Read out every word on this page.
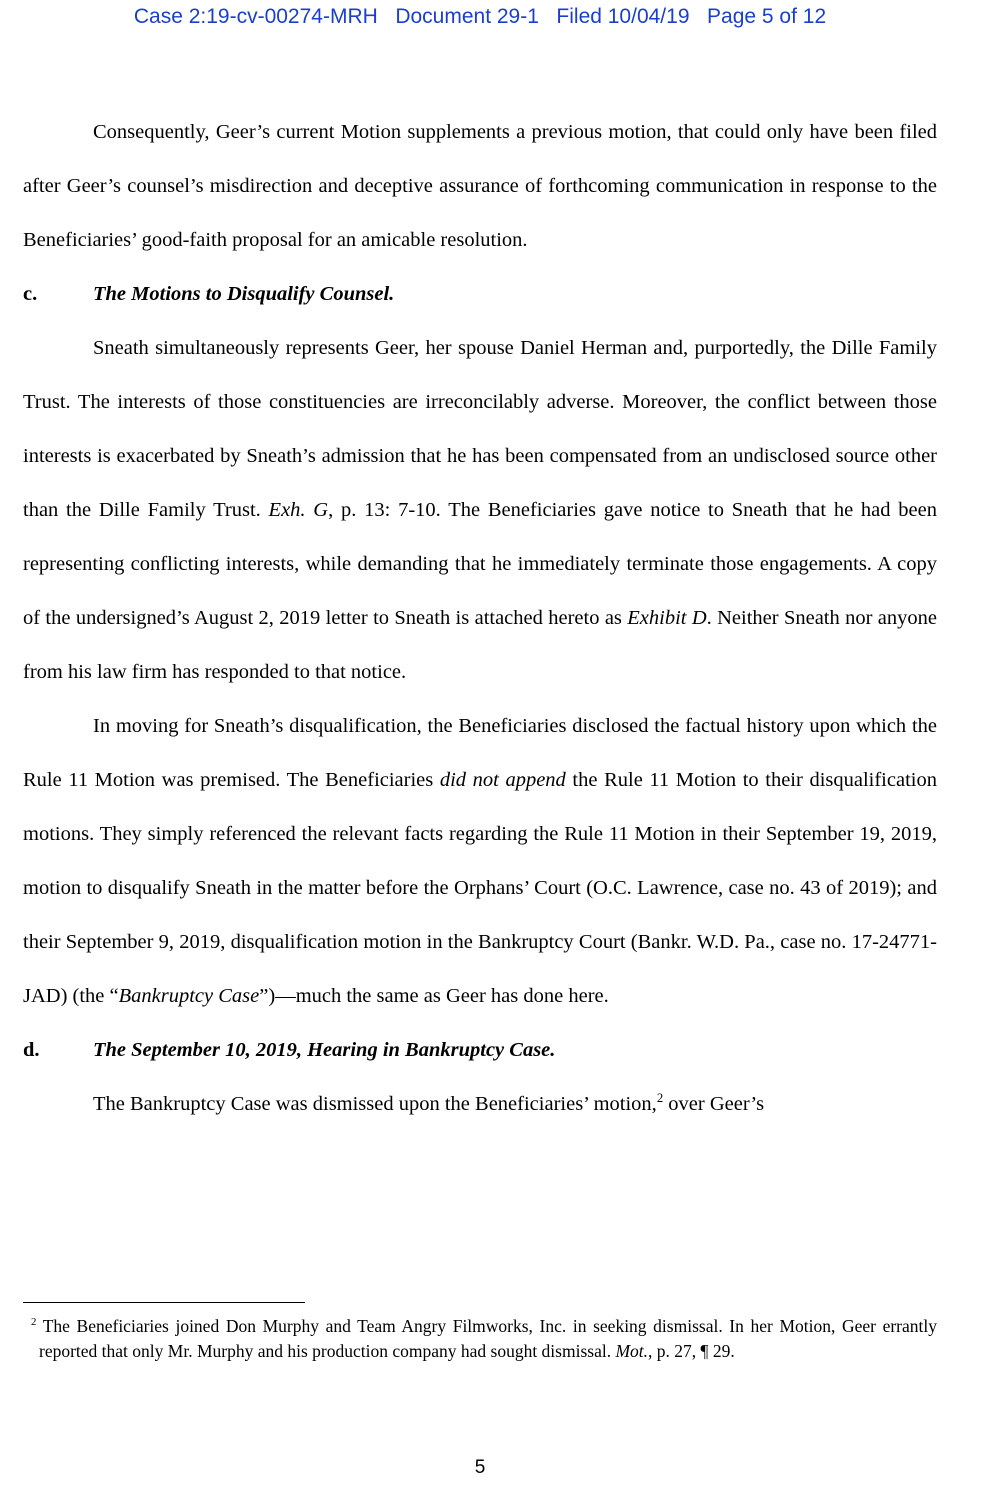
Case 2:19-cv-00274-MRH Document 29-1 Filed 10/04/19 Page 5 of 12

Consequently, Geer’s current Motion supplements a previous motion, that could only have been filed after Geer’s counsel’s misdirection and deceptive assurance of forthcoming communication in response to the Beneficiaries’ good-faith proposal for an amicable resolution.

c.	The Motions to Disqualify Counsel.

Sneath simultaneously represents Geer, her spouse Daniel Herman and, purportedly, the Dille Family Trust. The interests of those constituencies are irreconcilably adverse. Moreover, the conflict between those interests is exacerbated by Sneath’s admission that he has been compensated from an undisclosed source other than the Dille Family Trust. Exh. G, p. 13: 7-10. The Beneficiaries gave notice to Sneath that he had been representing conflicting interests, while demanding that he immediately terminate those engagements. A copy of the undersigned’s August 2, 2019 letter to Sneath is attached hereto as Exhibit D. Neither Sneath nor anyone from his law firm has responded to that notice.

In moving for Sneath’s disqualification, the Beneficiaries disclosed the factual history upon which the Rule 11 Motion was premised. The Beneficiaries did not append the Rule 11 Motion to their disqualification motions. They simply referenced the relevant facts regarding the Rule 11 Motion in their September 19, 2019, motion to disqualify Sneath in the matter before the Orphans’ Court (O.C. Lawrence, case no. 43 of 2019); and their September 9, 2019, disqualification motion in the Bankruptcy Court (Bankr. W.D. Pa., case no. 17-24771-JAD) (the “Bankruptcy Case”)—much the same as Geer has done here.

d.	The September 10, 2019, Hearing in Bankruptcy Case.

The Bankruptcy Case was dismissed upon the Beneficiaries’ motion,$^2$ over Geer’s

$^2$ The Beneficiaries joined Don Murphy and Team Angry Filmworks, Inc. in seeking dismissal. In her Motion, Geer errantly reported that only Mr. Murphy and his production company had sought dismissal. Mot., p. 27, ¶ 29.
5
